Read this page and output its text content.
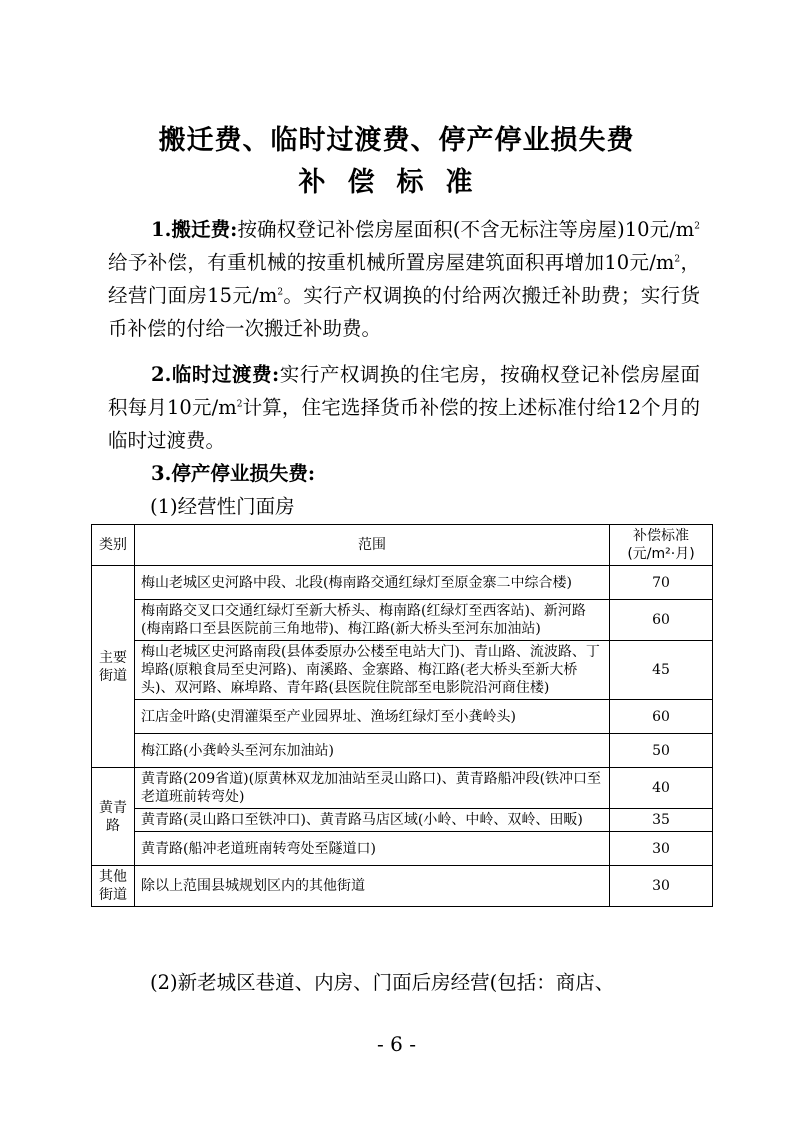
搬迁费、临时过渡费、停产停业损失费
补偿标准
1.搬迁费:按确权登记补偿房屋面积(不含无标注等房屋)10元$/m^2$给予补偿，有重机械的按重机械所置房屋建筑面积再增加10元$/m^2$，经营门面房15元$/m^2$。实行产权调换的付给两次搬迁补助费；实行货币补偿的付给一次搬迁补助费。
2.临时过渡费:实行产权调换的住宅房，按确权登记补偿房屋面积每月10元$/m^2$计算，住宅选择货币补偿的按上述标准付给12个月的临时过渡费。
3.停产停业损失费:
(1)经营性门面房
类别	范围	补偿标准(元/m²·月)
主要街道	梅山老城区史河路中段、北段(梅南路交通红绿灯至原金寨二中综合楼)	70
	梅南路交叉口交通红绿灯至新大桥头、梅南路(红绿灯至西客站)、新河路(梅南路口至县医院前三角地带)、梅江路(新大桥头至河东加油站)	60
	梅山老城区史河路南段(县体委原办公楼至电站大门)、青山路、流波路、丁埠路(原粮食局至史河路)、南溪路、金寨路、梅江路(老大桥头至新大桥头)、双河路、麻埠路、青年路(县医院住院部至电影院沿河商住楼)	45
	江店金叶路(史渭灌渠至产业园界址、渔场红绿灯至小龚岭头)	60
	梅江路(小龚岭头至河东加油站)	50
黄青路	黄青路(209省道)(原黄林双龙加油站至灵山路口)、黄青路船冲段(铁冲口至老道班前转弯处)	40
	黄青路(灵山路口至铁冲口)、黄青路马店区域(小岭、中岭、双岭、田畈)	35
	黄青路(船冲老道班南转弯处至隧道口)	30
其他街道	除以上范围县城规划区内的其他街道	30
(2)新老城区巷道、内房、门面后房经营(包括：商店、
- 6 -
